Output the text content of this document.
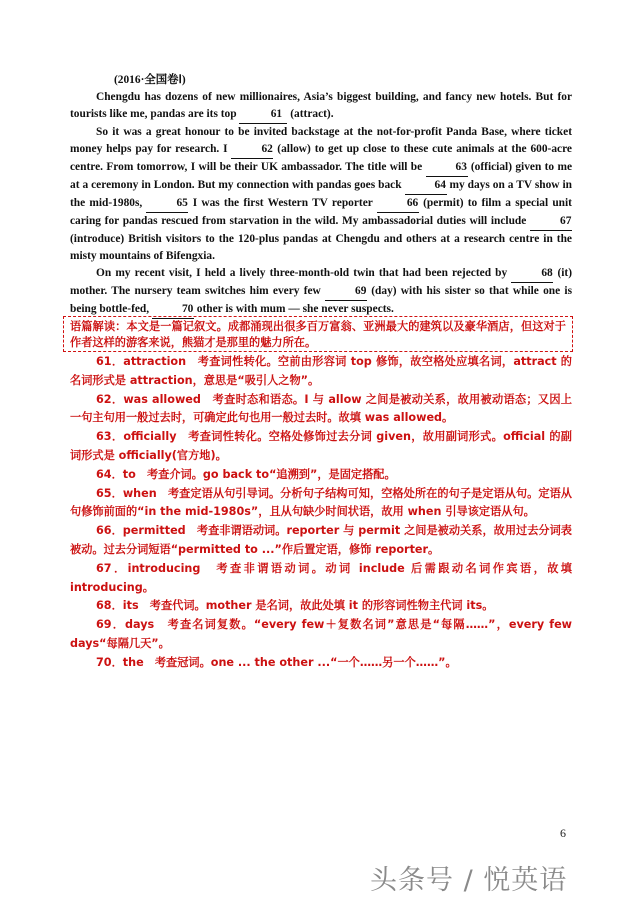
(2016·全国卷Ⅰ)

Chengdu has dozens of new millionaires, Asia’s biggest building, and fancy new hotels. But for tourists like me, pandas are its top	61 (attract).

So it was a great honour to be invited backstage at the not-for-profit Panda Base, where ticket money helps pay for research. I	62 (allow) to get up close to these cute animals at the 600-acre centre. From tomorrow, I will be their UK ambassador. The title will be	63 (official) given to me at a ceremony in London. But my connection with pandas goes back	64 my days on a TV show in the mid-1980s,	65 I was the first Western TV reporter	66 (permit) to film a special unit caring for pandas rescued from starvation in the wild. My ambassadorial duties will include	67 (introduce) British visitors to the 120-plus pandas at Chengdu and others at a research centre in the misty mountains of Bifengxia.

On my recent visit, I held a lively three-month-old twin that had been rejected by	68 (it) mother. The nursery team switches him every few	69 (day) with his sister so that while one is being bottle-fed,	70 other is with mum — she never suspects.

语篇解读：本文是一篇记叙文。成都涌现出很多百万富翁、亚洲最大的建筑以及豪华酒店，但这对于作者这样的游客来说，熊猫才是那里的魅力所在。

61．attraction　考查词性转化。空前由形容词 top 修饰，故空格处应填名词，attract 的名词形式是 attraction，意思是“吸引人之物”。

62．was allowed　考查时态和语态。I 与 allow 之间是被动关系，故用被动语态；又因上一句主句用一般过去时，可确定此句也用一般过去时。故填 was allowed。

63．officially　考查词性转化。空格处修饰过去分词 given，故用副词形式。official 的副词形式是 officially(官方地)。

64．to　考查介词。go back to“追溯到”，是固定搭配。

65．when　考查定语从句引导词。分析句子结构可知，空格处所在的句子是定语从句。定语从句修饰前面的“in the mid-1980s”，且从句缺少时间状语，故用 when 引导该定语从句。

66．permitted　考查非谓语动词。reporter 与 permit 之间是被动关系，故用过去分词表被动。过去分词短语“permitted to ...”作后置定语，修饰 reporter。

67．introducing　考查非谓语动词。动词 include 后需跟动名词作宾语，故填 introducing。

68．its　考查代词。mother 是名词，故此处填 it 的形容词性物主代词 its。

69．days　考查名词复数。“every few＋复数名词”意思是“每隔……”，every few days“每隔几天”。

70．the　考查冠词。one ... the other ...“一个……另一个……”。

6
头条号 / 悦英语
